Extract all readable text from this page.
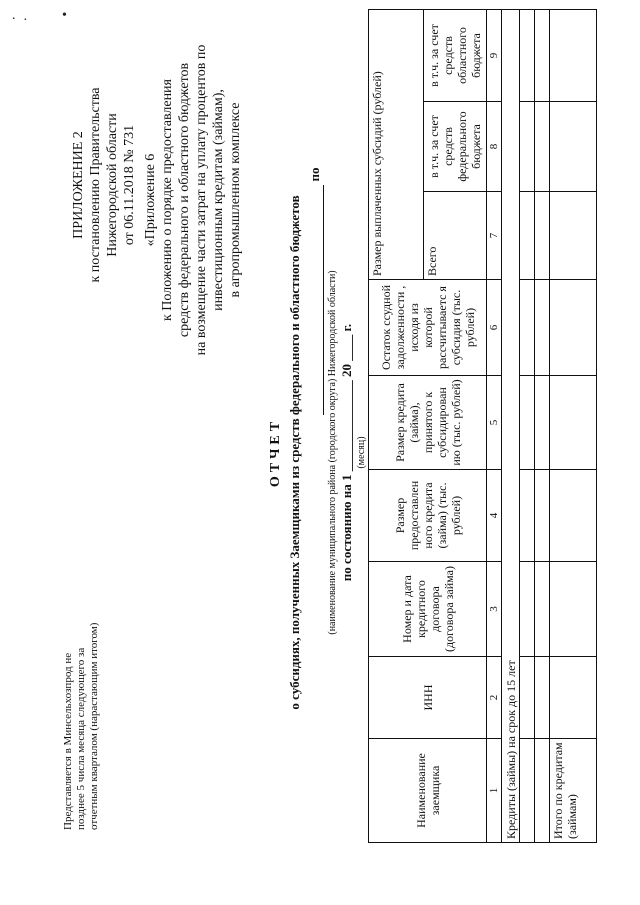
. · •
Представляется в Минсельхозпрод не позднее 5 числа месяца следующего за отчетным кварталом (нарастающим итогом)
ПРИЛОЖЕНИЕ 2 к постановлению Правительства Нижегородской области от 06.11.2018 № 731 «Приложение 6 к Положению о порядке предоставления средств федерального и областного бюджетов на возмещение части затрат на уплату процентов по инвестиционным кредитам (займам), в агропромышленном комплексе
ОТЧЕТ о субсидиях, полученных Заемщиками из средств федерального и областного бюджетов
по
(наименование муниципального района (городского округа) Нижегородской области) по состоянию на 1 ______________ 20 ____ г. (месяц)
Наименование заемщика	ИНН	Номер и дата кредитного договора (договора займа)	Размер предоставлен ного кредита (займа) (тыс. рублей)	Размер кредита (займа), принятого к субсидирован ию (тыс. рублей)	Остаток ссудной задолженности , исходя из которой рассчитываетс я субсидия (тыс. рублей)	Размер выплаченных субсидий (рублей)		
						Всего	в т.ч. за счет средств федерального бюджета	в т.ч. за счет средств областного бюджета
1	2	3	4	5	6	7	8	9
Кредиты (займы) на срок до 15 лет								

Итого по кредитам (займам)								
